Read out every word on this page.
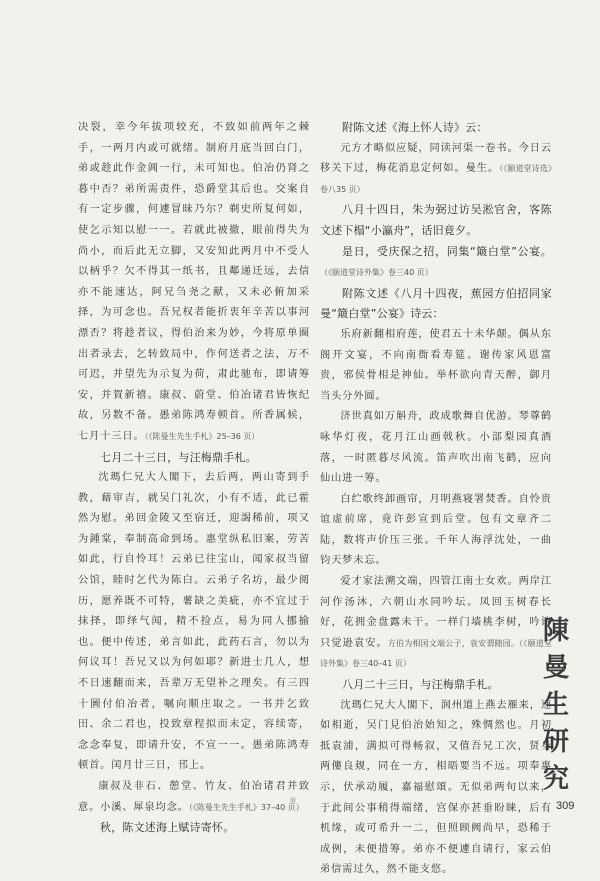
决裂，幸今年拔项较充，不致如前两年之棘手，一两月内或可就绪。制府月底当回白门，弟或趁此作金阊一行，未可知也。伯冶仍肾之暮中否？弟所需责件，恐爵堂其后也。交案自有一定步骤，何遽冒昧乃尔？剃史所复何如，使乞示知以慰一一。若就此被撤，眼前得失为尚小，而后此无立脚，又安知此两月中不受人以柄乎？欠不得其一纸书，且鄰递迁远，去信亦不能速达，阿兄刍尧之献，又未必俯加采择，为可念也。吾兄权者能折衷年辛苦以事河漂否？将趁者议，得伯治来为妙，今将原单圈出者录去，乞转致局中，作何送者之法，万不可迟，并望先为示复为荷，肃此驰布，即请筹安，并賀新禧。康叔、蔚堂、伯冶诸君皆恢纪故，另数不备。愚弟陈鸿寿顿首。所香属候，七月十三日。（《陈曼生先生手札》25–36 页）

七月二十三日，与汪梅鼎手札。

沈瑪仁兄大人閣下，去后两，两山寄到手教，藉审吉，就吴门礼次，小有不适，此已霍然为慰。弟回金陵又至宿迁，迎謁稀前，项又为鍾棠，奉制高命到场。惠堂纵私旧案，劳苦如此，行自怜耳！云弟已往宝山，闻家叔当留公馆，睦时乞代为陈白。云弟子名坊，最少阅历，愿养既不可特，薯缺之美疵，亦不宜过于抹择，即绎气闻，精不捡点，易为同人挪揄也。便中传述，弟言如此，此药石言，勿以为何议耳！吾兄又以为何如耶？新进士几人，想不日速翻而来，吾辈万无望补之理矣。有三四十圖付伯冶者，嘱向顺庄取之。一书并乞致田、余二君也，投致章程拟而未定，容续寄，念念奉复，即请升安，不宣一一。愚弟陈鸿寿顿首。闰月廿三日，邗上。

康叔及非石、憩堂、竹友、伯冶诸君并致意。小溪、犀泉均念。（《陈曼生先生手札》37–40 页）

秋，陈文述海上赋诗寄怀。

附陈文述《海上怀人诗》云：

元方才略似应疑，同读河渠一卷书。今日云移关下过，梅花消息定何如。曼生。（《颐道堂诗选》卷八35 页）

八月十四日，朱为弼过访吴淞官舍，客陈文述下榻“小瀛舟”，话旧竟夕。

是日，受庆保之招，同集“簸白堂”公宴。（《颐道堂诗外集》卷三40 页）

附陈文述《八月十四夜，蕉园方伯招同家曼“簸白堂”公宴》诗云：

乐府新翻相府莲，使君五十未华颠。偶从东阁开文宴，不向南衙看寿筵。谢传家风恩富贵，邪侯骨相是神仙。举杯欲向青天醉，御月当头分外圆。

济世真如万斛舟，政成歌舞自优游。琴尊鹤咏华灯夜，花月江山画戟秋。小部梨园真酒落，一时匿暮尽风流。笛声吹出南飞鹤，应向仙山进一筹。

白纻歌终卸画帘，月明燕寝署焚香。自怜贵谊虚前席，竟许彭宣到后堂。包有文章齐二陆，数将声价压三张。千年人海浮沈处，一曲钧天梦未忘。

爱才家法溯文端，四管江南士女欢。两岸江河作汤沐，六朝山水同吟坛。凤回玉树春长好，花拥金盘露未干。一样门墙桃李树，吟诗只觉逊袁安。方伯为相国文端公子，袁安谓随园。（《颐道堂诗外集》卷三40–41 页）

八月二十三日，与汪梅鼎手札。

沈瑪仁兄大人閣下，润州道上燕去雁来，速如相逝，吴门見伯治始知之，殊惆然也。月初抵袁浦，满拟可得畅叙，又值吾兄工次，贤身两僂良觌，同在一方，相晤要当不远。项奉惠示，伏承动履，嘉福慰頌。无似弟两旬以来，于此间公事稍得端绪，宫保亦甚垂盼睐，后有机缘，或可希升一二，但照顾阙尚早，恐稀于成例，未便措筹。弟亦不便遽自请行，家云伯弟信需过久，然不能支悠。

陳
曼
生
研
究
309
